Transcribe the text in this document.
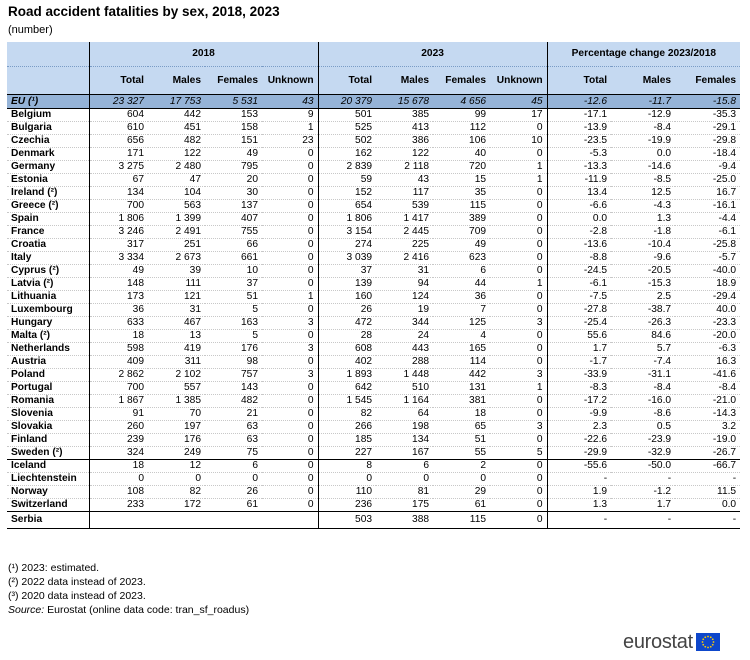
Road accident fatalities by sex, 2018, 2023
(number)
	2018				2023				Percentage change 2023/2018		
	Total	Males	Females	Unknown	Total	Males	Females	Unknown	Total	Males	Females
EU (¹)	23 327	17 753	5 531	43	20 379	15 678	4 656	45	-12.6	-11.7	-15.8
Belgium	604	442	153	9	501	385	99	17	-17.1	-12.9	-35.3
Bulgaria	610	451	158	1	525	413	112	0	-13.9	-8.4	-29.1
Czechia	656	482	151	23	502	386	106	10	-23.5	-19.9	-29.8
Denmark	171	122	49	0	162	122	40	0	-5.3	0.0	-18.4
Germany	3 275	2 480	795	0	2 839	2 118	720	1	-13.3	-14.6	-9.4
Estonia	67	47	20	0	59	43	15	1	-11.9	-8.5	-25.0
Ireland (²)	134	104	30	0	152	117	35	0	13.4	12.5	16.7
Greece (²)	700	563	137	0	654	539	115	0	-6.6	-4.3	-16.1
Spain	1 806	1 399	407	0	1 806	1 417	389	0	0.0	1.3	-4.4
France	3 246	2 491	755	0	3 154	2 445	709	0	-2.8	-1.8	-6.1
Croatia	317	251	66	0	274	225	49	0	-13.6	-10.4	-25.8
Italy	3 334	2 673	661	0	3 039	2 416	623	0	-8.8	-9.6	-5.7
Cyprus (²)	49	39	10	0	37	31	6	0	-24.5	-20.5	-40.0
Latvia (²)	148	111	37	0	139	94	44	1	-6.1	-15.3	18.9
Lithuania	173	121	51	1	160	124	36	0	-7.5	2.5	-29.4
Luxembourg	36	31	5	0	26	19	7	0	-27.8	-38.7	40.0
Hungary	633	467	163	3	472	344	125	3	-25.4	-26.3	-23.3
Malta (²)	18	13	5	0	28	24	4	0	55.6	84.6	-20.0
Netherlands	598	419	176	3	608	443	165	0	1.7	5.7	-6.3
Austria	409	311	98	0	402	288	114	0	-1.7	-7.4	16.3
Poland	2 862	2 102	757	3	1 893	1 448	442	3	-33.9	-31.1	-41.6
Portugal	700	557	143	0	642	510	131	1	-8.3	-8.4	-8.4
Romania	1 867	1 385	482	0	1 545	1 164	381	0	-17.2	-16.0	-21.0
Slovenia	91	70	21	0	82	64	18	0	-9.9	-8.6	-14.3
Slovakia	260	197	63	0	266	198	65	3	2.3	0.5	3.2
Finland	239	176	63	0	185	134	51	0	-22.6	-23.9	-19.0
Sweden (²)	324	249	75	0	227	167	55	5	-29.9	-32.9	-26.7
Iceland	18	12	6	0	8	6	2	0	-55.6	-50.0	-66.7
Liechtenstein	0	0	0	0	0	0	0	0	-	-	-
Norway	108	82	26	0	110	81	29	0	1.9	-1.2	11.5
Switzerland	233	172	61	0	236	175	61	0	1.3	1.7	0.0
Serbia					503	388	115	0	-	-	-
(¹) 2023: estimated.
(²) 2022 data instead of 2023.
(³) 2020 data instead of 2023.
Source: Eurostat (online data code: tran_sf_roadus)
eurostat
